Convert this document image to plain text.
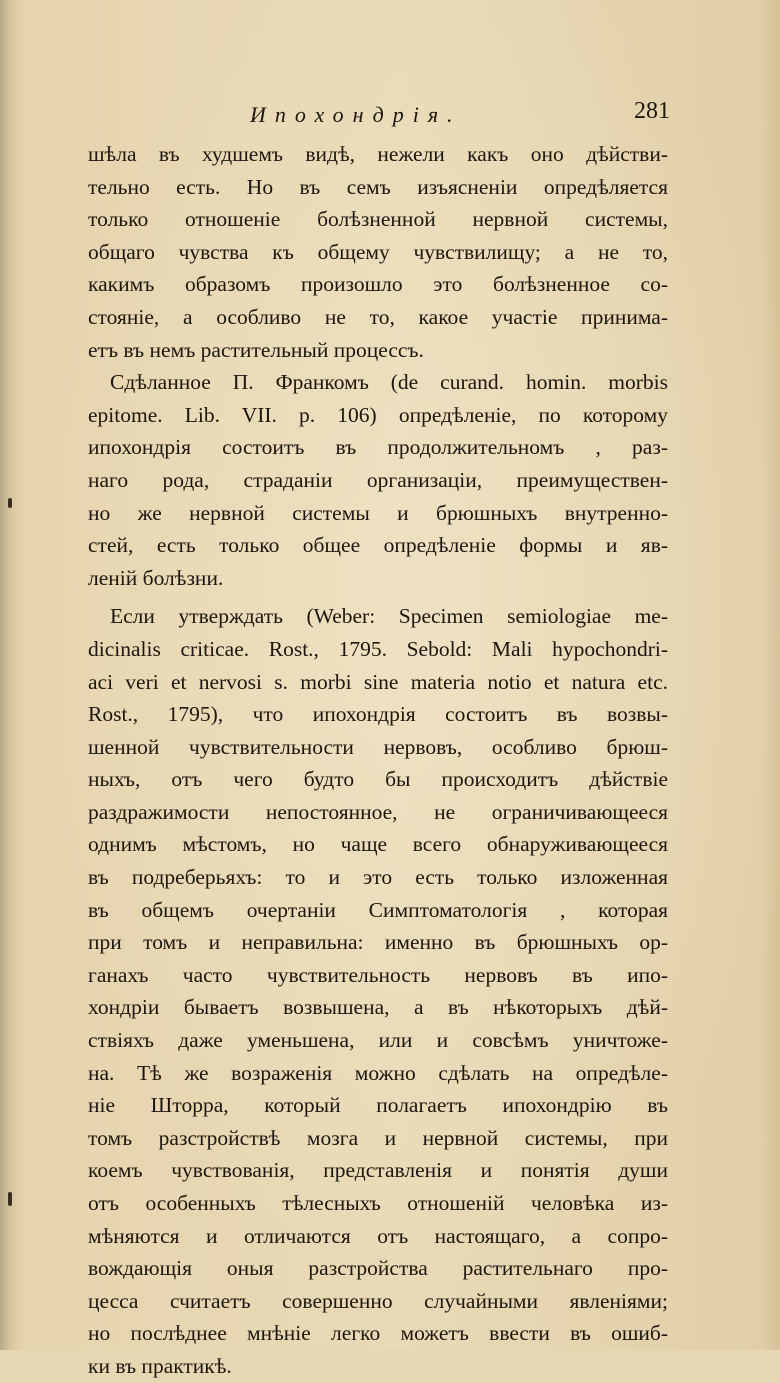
Ипохондрія.	281
шѣла въ худшемъ видѣ, нежели какъ оно дѣйстви-
тельно есть. Но въ семъ изъясненіи опредѣляется
только отношеніе болѣзненной нервной системы,
общаго чувства къ общему чувствилищу; а не то,
какимъ образомъ произошло это болѣзненное со-
стояніе, а особливо не то, какое участіе принима-
етъ въ немъ растительный процессъ.
Сдѣланное П. Франкомъ (de curand. homin. morbis
epitome. Lib. VII. p. 106) опредѣленіе, по которому
ипохондрія состоитъ въ продолжительномъ , раз-
наго рода, страданіи организаціи, преимуществен-
но же нервной системы и брюшныхъ внутренно-
стей, есть только общее опредѣленіе формы и яв-
леній болѣзни.
Если утверждать (Weber: Specimen semiologiae me-
dicinalis criticae. Rost., 1795. Sebold: Mali hypochondri-
aci veri et nervosi s. morbi sine materia notio et natura etc.
Rost., 1795), что ипохондрія состоитъ въ возвы-
шенной чувствительности нервовъ, особливо брюш-
ныхъ, отъ чего будто бы происходитъ дѣйствіе
раздражимости непостоянное, не ограничивающееся
однимъ мѣстомъ, но чаще всего обнаруживающееся
въ подреберьяхъ: то и это есть только изложенная
въ общемъ очертаніи Симптоматологія , которая
при томъ и неправильна: именно въ брюшныхъ ор-
ганахъ часто чувствительность нервовъ въ ипо-
хондріи бываетъ возвышена, а въ нѣкоторыхъ дѣй-
ствіяхъ даже уменьшена, или и совсѣмъ уничтоже-
на. Тѣ же возраженія можно сдѣлать на опредѣле-
ніе Шторра, который полагаетъ ипохондрію въ
томъ разстройствѣ мозга и нервной системы, при
коемъ чувствованія, представленія и понятія души
отъ особенныхъ тѣлесныхъ отношеній человѣка из-
мѣняются и отличаются отъ настоящаго, а сопро-
вождающія оныя разстройства растительнаго про-
цесса считаетъ совершенно случайными явленіями;
но послѣднее мнѣніе легко можетъ ввести въ ошиб-
ки въ практикѣ.
